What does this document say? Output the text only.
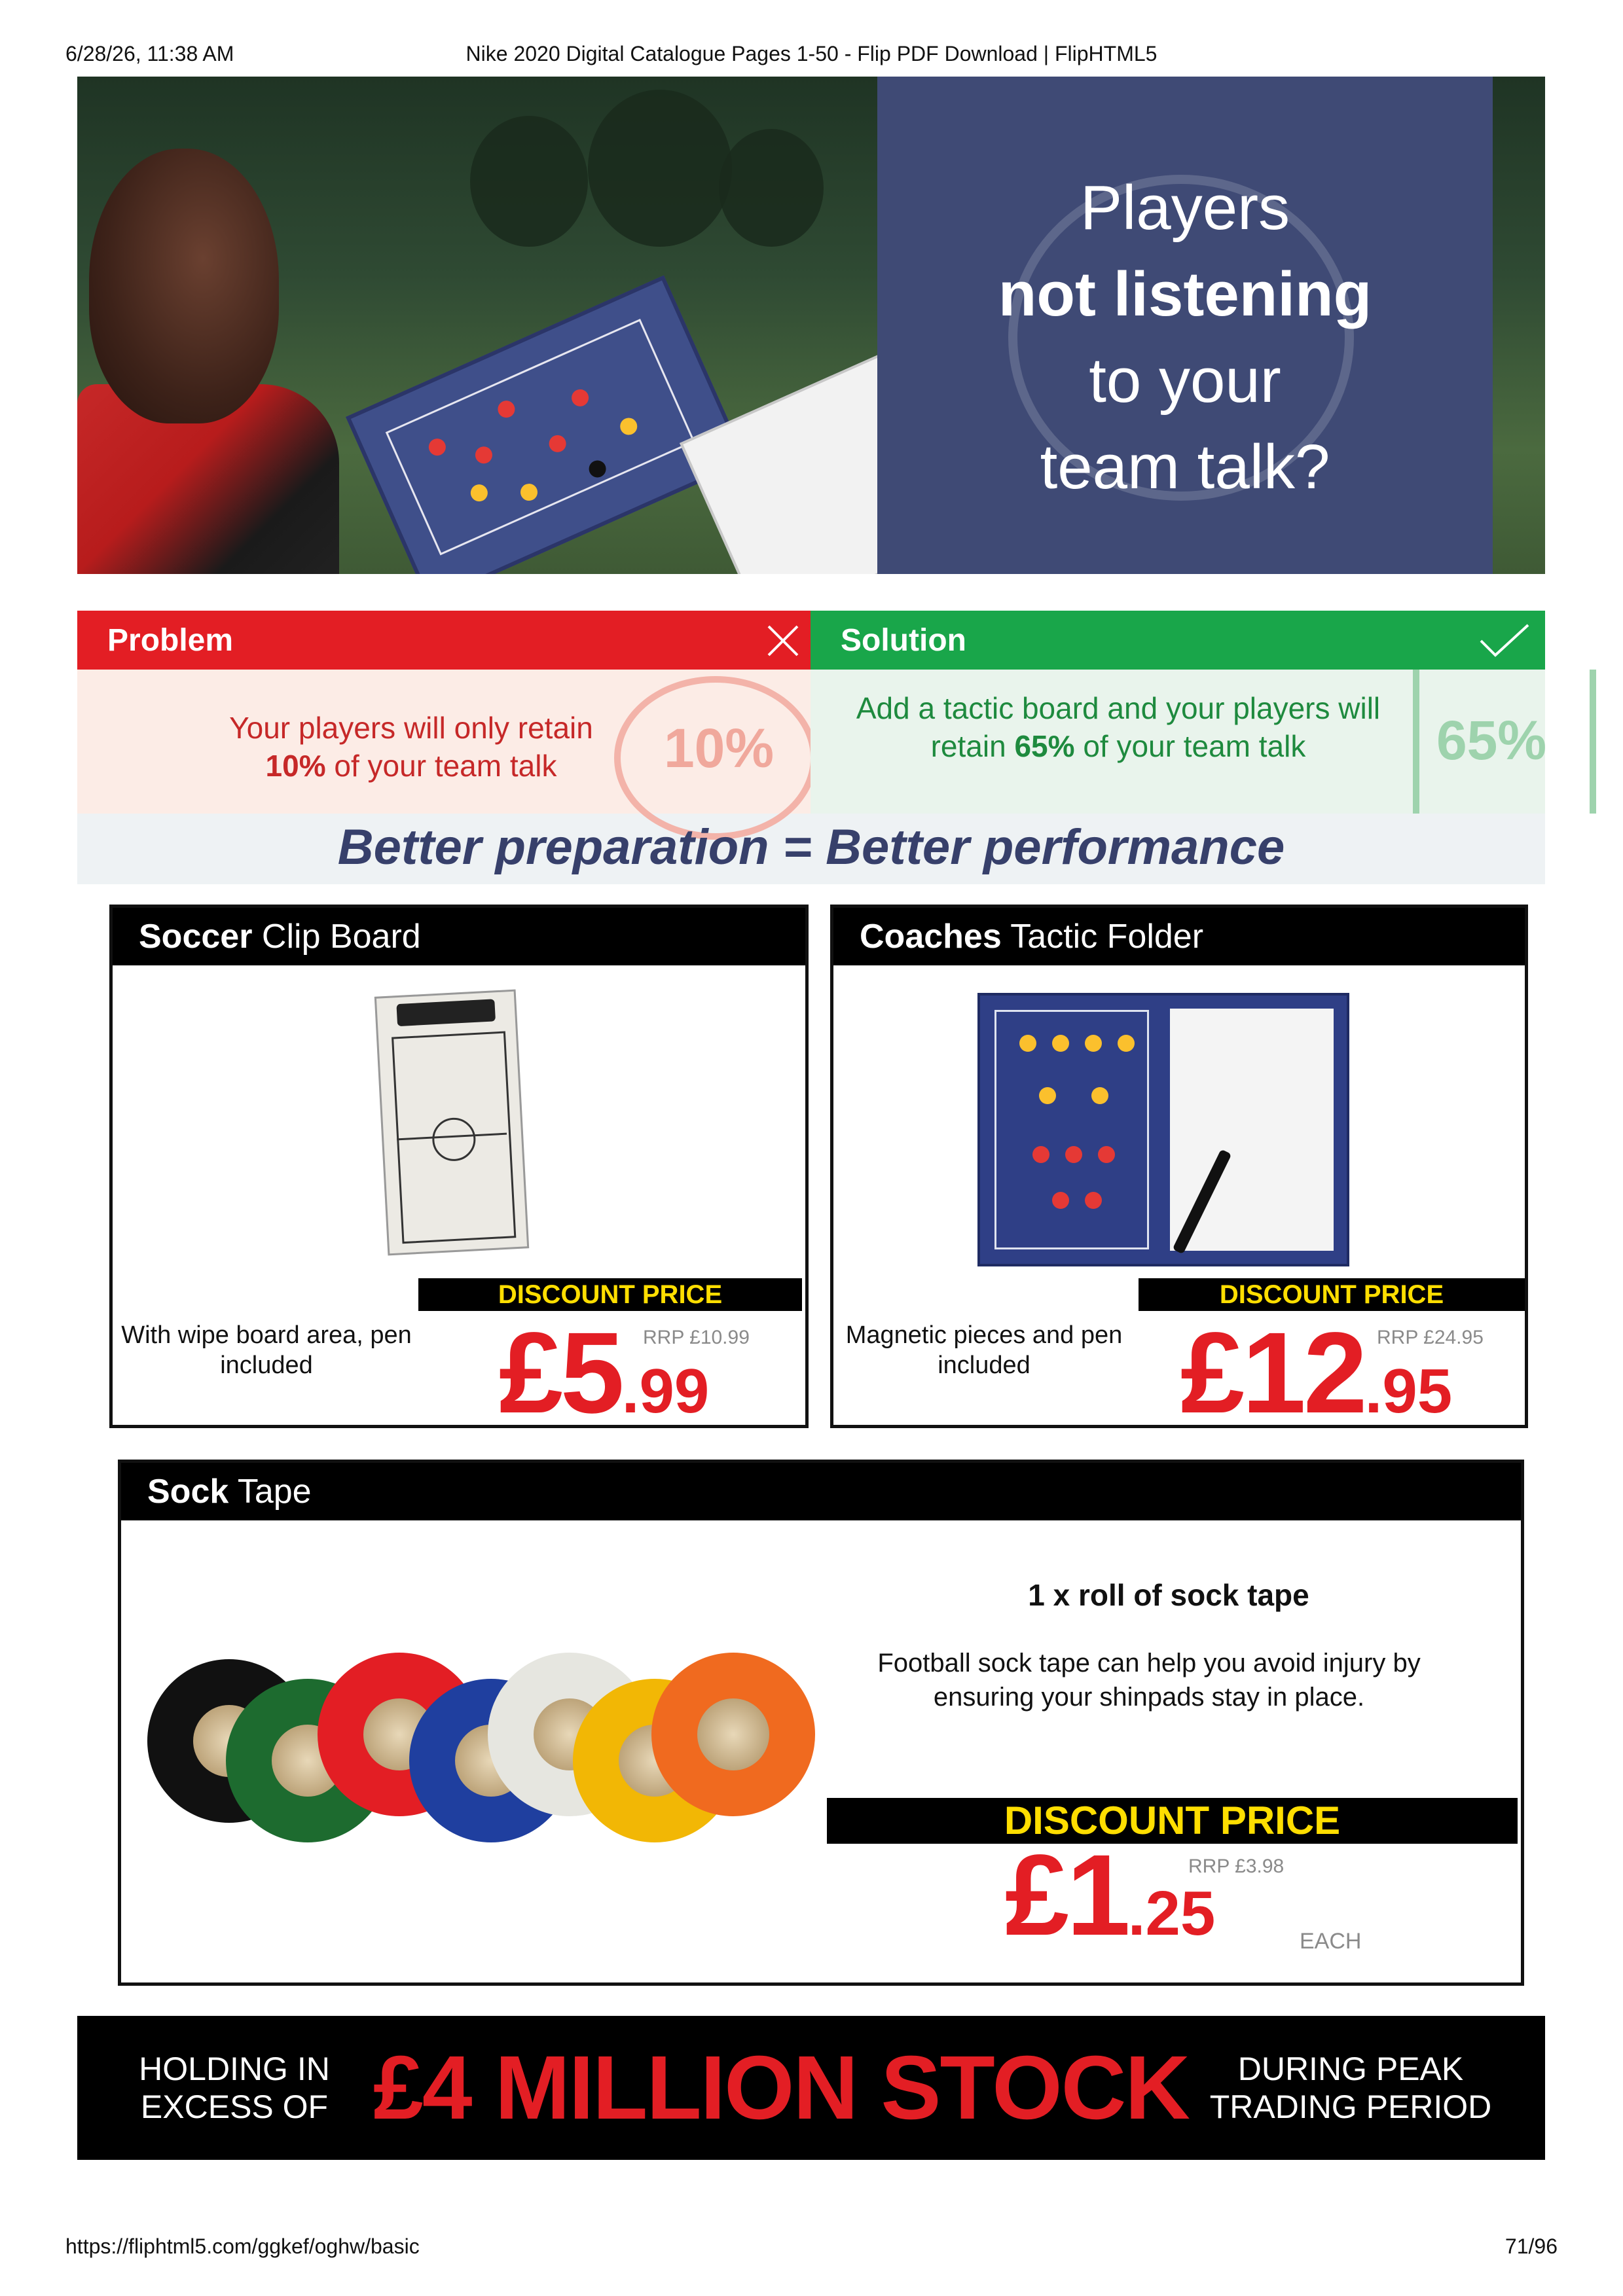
6/28/26, 11:38 AM	Nike 2020 Digital Catalogue Pages 1-50 - Flip PDF Download | FlipHTML5
Players
not listening
to your
team talk?
Problem	Solution
Your players will only retain
10% of your team talk	10%
Add a tactic board and your players will retain 65% of your team talk	65%
Better preparation = Better performance
Soccer Clip Board
DISCOUNT PRICE
With wipe board area, pen included	£5.99
RRP £10.99
Coaches Tactic Folder
DISCOUNT PRICE
Magnetic pieces and pen included	£12.95
RRP £24.95
Sock Tape
1 x roll of sock tape
Football sock tape can help you avoid injury by ensuring your shinpads stay in place.
DISCOUNT PRICE
£1.25
RRP £3.98
EACH
HOLDING IN EXCESS OF £4 MILLION STOCK	DURING PEAK TRADING PERIOD
https://fliphtml5.com/ggkef/oghw/basic	71/96
